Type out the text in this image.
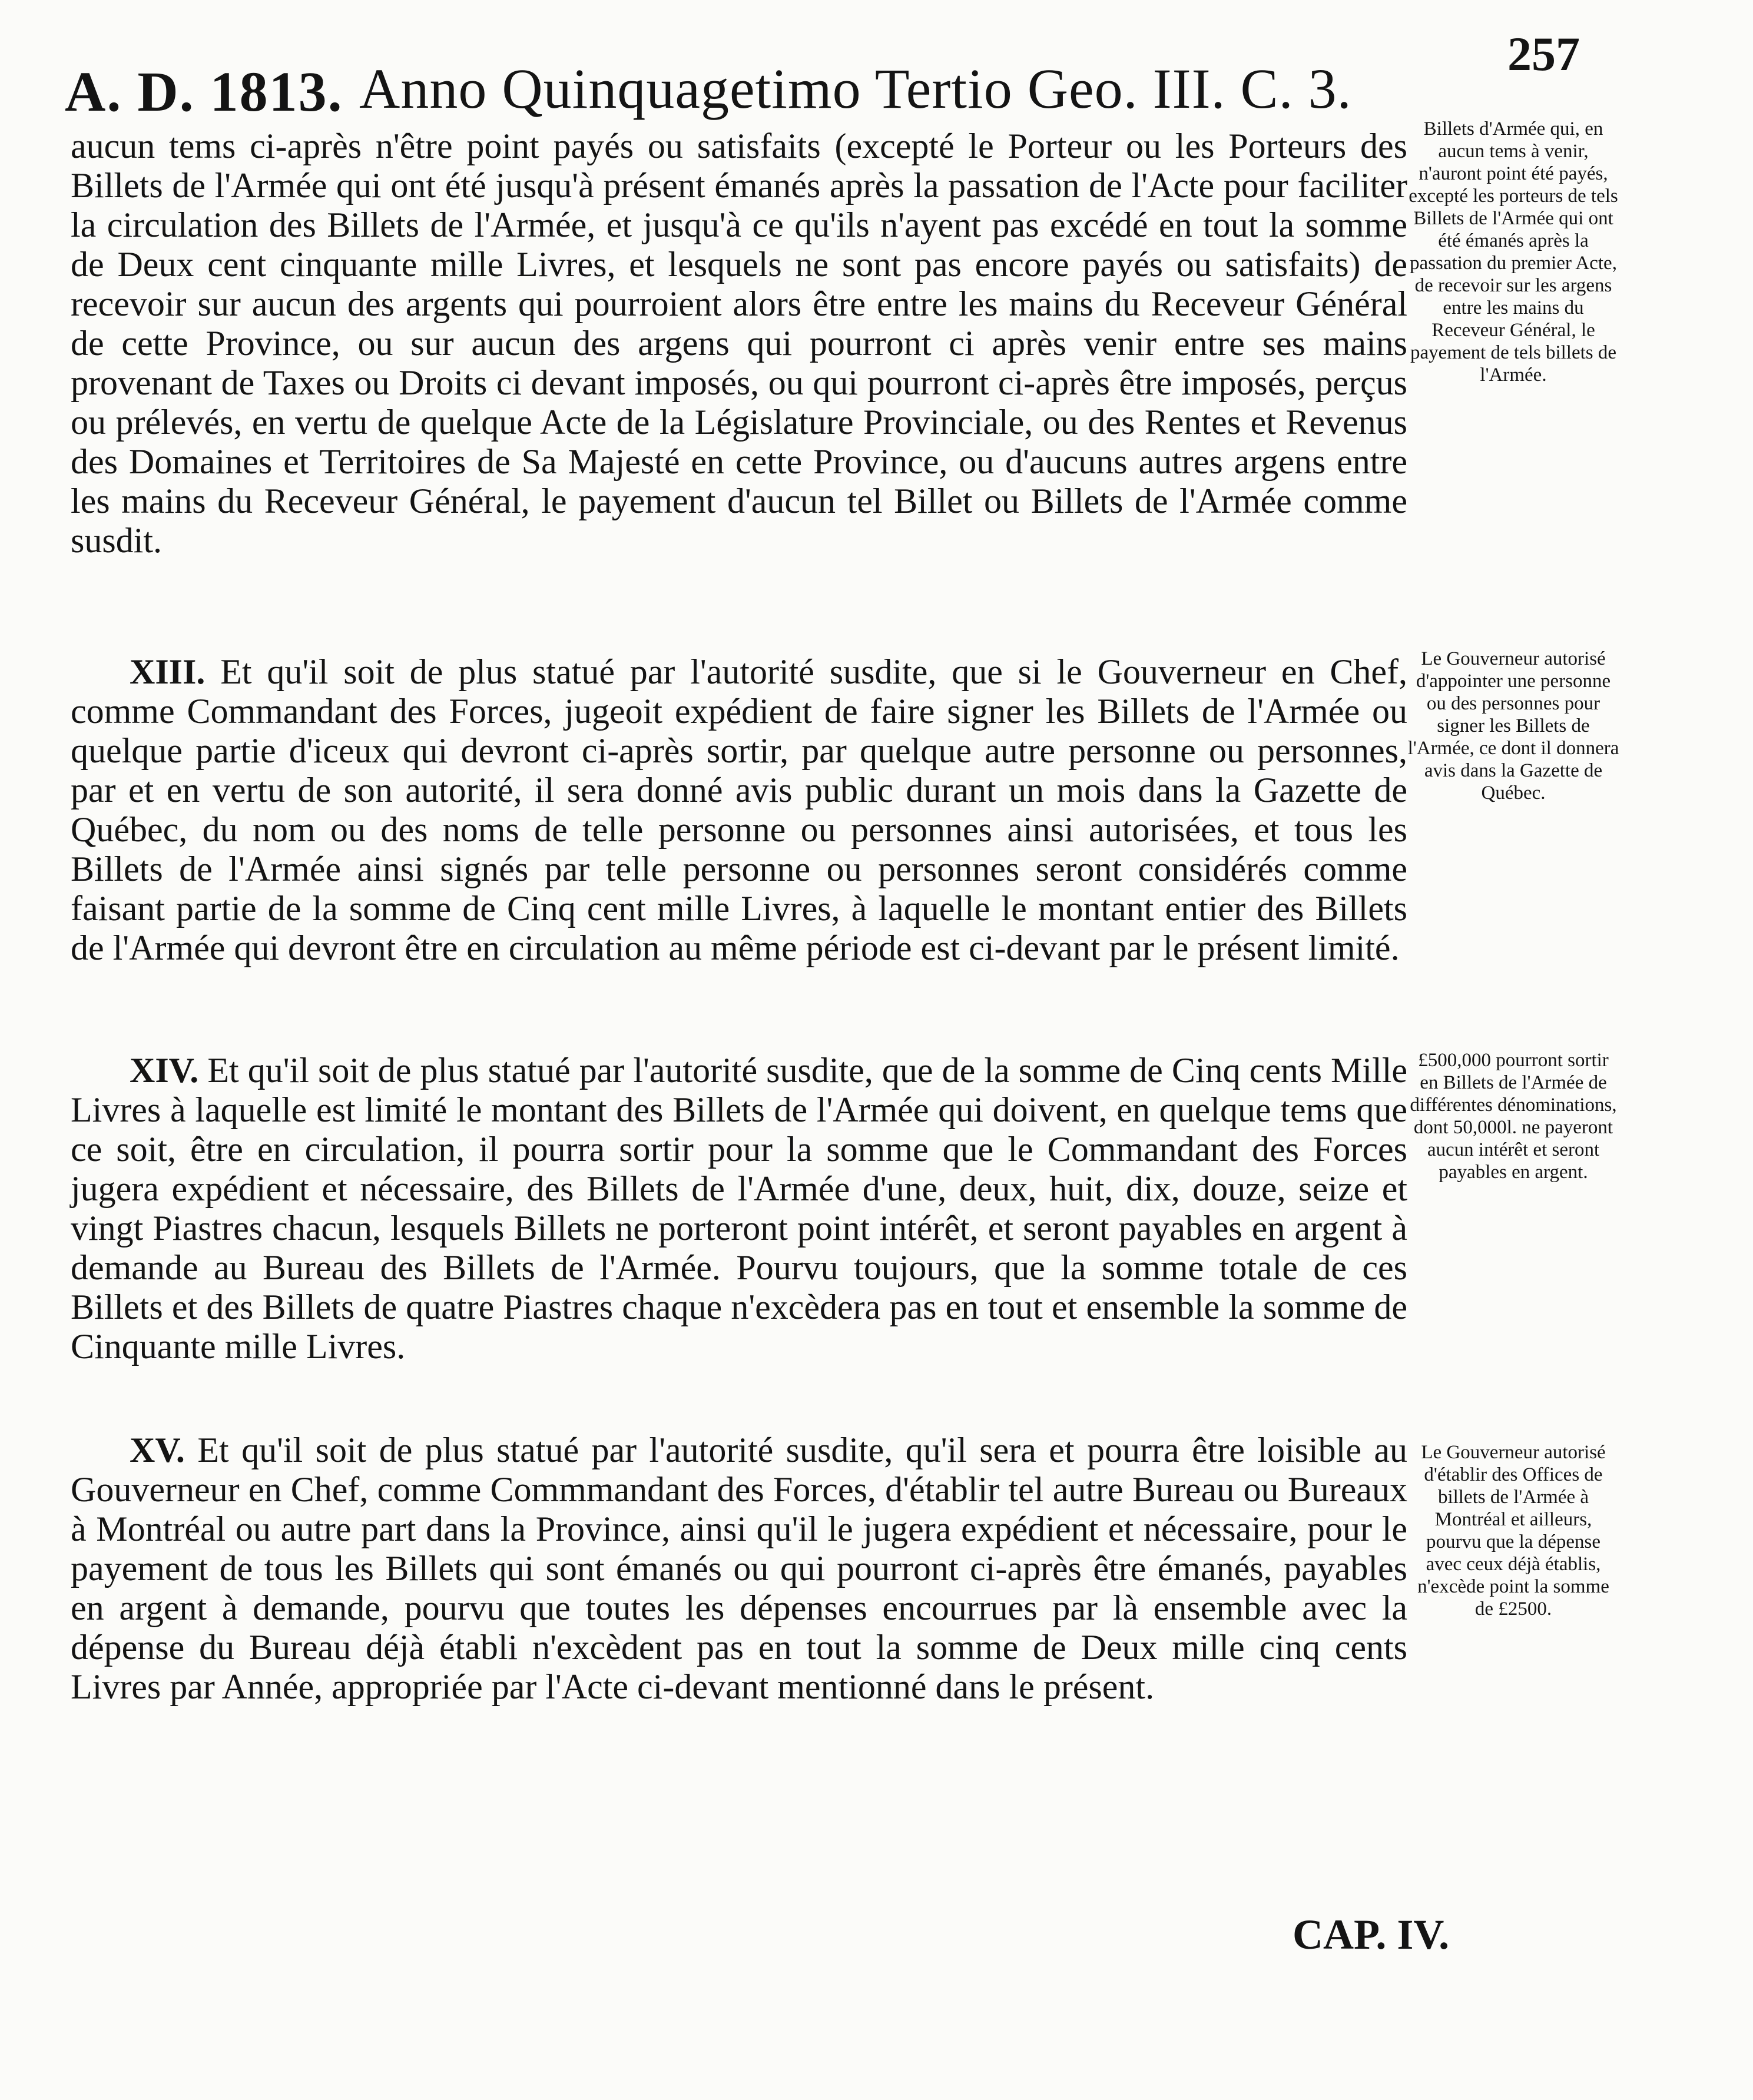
A. D. 1813. Anno Quinquagetimo Tertio Geo. III. C. 3.
257

aucun tems ci-après n'être point payés ou satisfaits (excepté le Porteur ou les Porteurs des Billets de l'Armée qui ont été jusqu'à présent émanés après la passation de l'Acte pour faciliter la circulation des Billets de l'Armée, et jusqu'à ce qu'ils n'ayent pas excédé en tout la somme de Deux cent cinquante mille Livres, et lesquels ne sont pas encore payés ou satisfaits) de recevoir sur aucun des argents qui pourroient alors être entre les mains du Receveur Général de cette Province, ou sur aucun des argens qui pourront ci après venir entre ses mains provenant de Taxes ou Droits ci devant imposés, ou qui pourront ci-après être imposés, perçus ou prélevés, en vertu de quelque Acte de la Législature Provinciale, ou des Rentes et Revenus des Domaines et Territoires de Sa Majesté en cette Province, ou d'aucuns autres argens entre les mains du Receveur Général, le payement d'aucun tel Billet ou Billets de l'Armée comme susdit.

XIII. Et qu'il soit de plus statué par l'autorité susdite, que si le Gouverneur en Chef, comme Commandant des Forces, jugeoit expédient de faire signer les Billets de l'Armée ou quelque partie d'iceux qui devront ci-après sortir, par quelque autre personne ou personnes, par et en vertu de son autorité, il sera donné avis public durant un mois dans la Gazette de Québec, du nom ou des noms de telle personne ou personnes ainsi autorisées, et tous les Billets de l'Armée ainsi signés par telle personne ou personnes seront considérés comme faisant partie de la somme de Cinq cent mille Livres, à laquelle le montant entier des Billets de l'Armée qui devront être en circulation au même période est ci-devant par le présent limité.

XIV. Et qu'il soit de plus statué par l'autorité susdite, que de la somme de Cinq cents Mille Livres à laquelle est limité le montant des Billets de l'Armée qui doivent, en quelque tems que ce soit, être en circulation, il pourra sortir pour la somme que le Commandant des Forces jugera expédient et nécessaire, des Billets de l'Armée d'une, deux, huit, dix, douze, seize et vingt Piastres chacun, lesquels Billets ne porteront point intérêt, et seront payables en argent à demande au Bureau des Billets de l'Armée. Pourvu toujours, que la somme totale de ces Billets et des Billets de quatre Piastres chaque n'excèdera pas en tout et ensemble la somme de Cinquante mille Livres.

XV. Et qu'il soit de plus statué par l'autorité susdite, qu'il sera et pourra être loisible au Gouverneur en Chef, comme Commmandant des Forces, d'établir tel autre Bureau ou Bureaux à Montréal ou autre part dans la Province, ainsi qu'il le jugera expédient et nécessaire, pour le payement de tous les Billets qui sont émanés ou qui pourront ci-après être émanés, payables en argent à demande, pourvu que toutes les dépenses encourrues par là ensemble avec la dépense du Bureau déjà établi n'excèdent pas en tout la somme de Deux mille cinq cents Livres par Année, appropriée par l'Acte ci-devant mentionné dans le présent.

Billets d'Armée qui, en aucun tems à venir, n'auront point été payés, excepté les porteurs de tels Billets de l'Armée qui ont été émanés après la passation du premier Acte, de recevoir sur les argens entre les mains du Receveur Général, le payement de tels billets de l'Armée.

Le Gouverneur autorisé d'appointer une personne ou des personnes pour signer les Billets de l'Armée, ce dont il donnera avis dans la Gazette de Québec.

£500,000 pourront sortir en Billets de l'Armée de différentes dénominations, dont 50,000l. ne payeront aucun intérêt et seront payables en argent.

Le Gouverneur autorisé d'établir des Offices de billets de l'Armée à Montréal et ailleurs, pourvu que la dépense avec ceux déjà établis, n'excède point la somme de £2500.

CAP. IV.
